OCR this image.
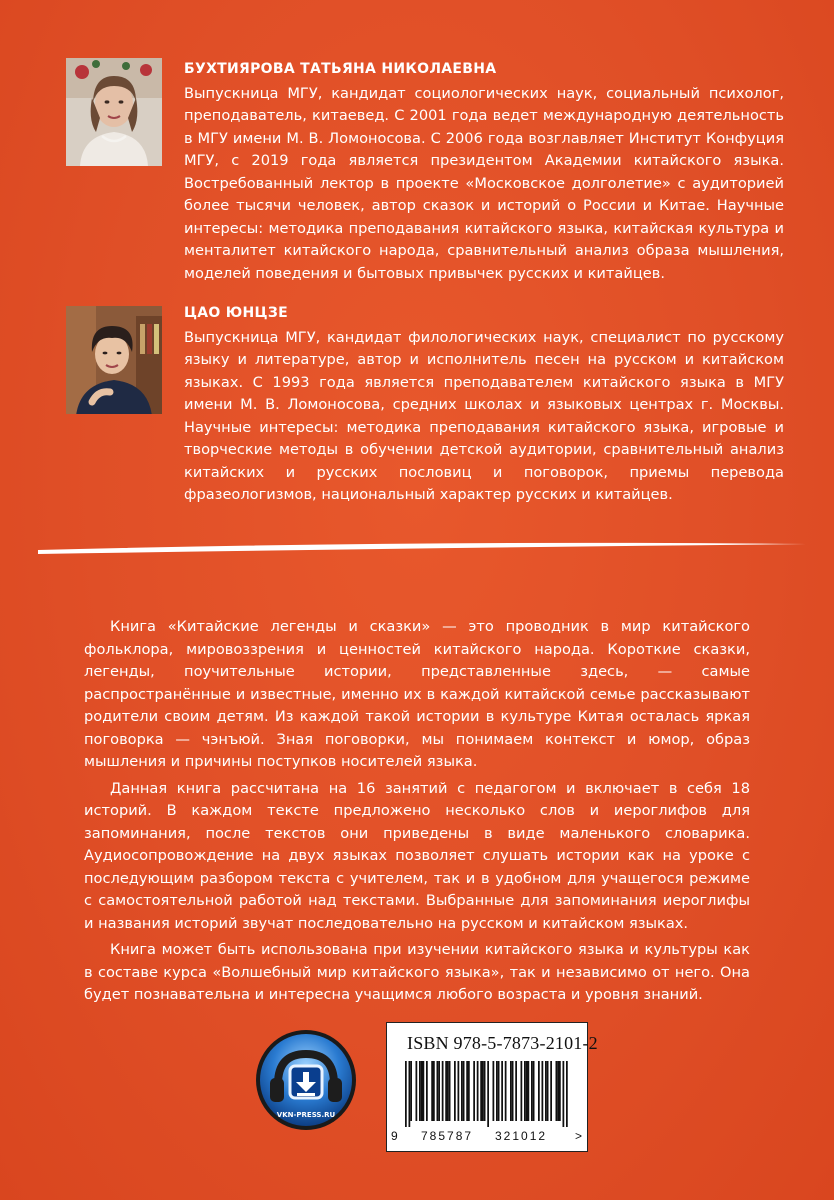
БУХТИЯРОВА ТАТЬЯНА НИКОЛАЕВНА

Выпускница МГУ, кандидат социологических наук, социальный психолог, преподаватель, китаевед. С 2001 года ведет международную деятельность в МГУ имени М. В. Ломоносова. С 2006 года возглавляет Институт Конфуция МГУ, с 2019 года является президентом Академии китайского языка. Востребованный лектор в проекте «Московское долголетие» с аудиторией более тысячи человек, автор сказок и историй о России и Китае. Научные интересы: методика преподавания китайского языка, китайская культура и менталитет китайского народа, сравнительный анализ образа мышления, моделей поведения и бытовых привычек русских и китайцев.

ЦАО ЮНЦЗЕ

Выпускница МГУ, кандидат филологических наук, специалист по русскому языку и литературе, автор и исполнитель песен на русском и китайском языках. С 1993 года является преподавателем китайского языка в МГУ имени М. В. Ломоносова, средних школах и языковых центрах г. Москвы. Научные интересы: методика преподавания китайского языка, игровые и творческие методы в обучении детской аудитории, сравнительный анализ китайских и русских пословиц и поговорок, приемы перевода фразеологизмов, национальный характер русских и китайцев.

Книга «Китайские легенды и сказки» — это проводник в мир китайского фольклора, мировоззрения и ценностей китайского народа. Короткие сказки, легенды, поучительные истории, представленные здесь, — самые распространённые и известные, именно их в каждой китайской семье рассказывают родители своим детям. Из каждой такой истории в культуре Китая осталась яркая поговорка — чэнъюй. Зная поговорки, мы понимаем контекст и юмор, образ мышления и причины поступков носителей языка.

Данная книга рассчитана на 16 занятий с педагогом и включает в себя 18 историй. В каждом тексте предложено несколько слов и иероглифов для запоминания, после текстов они приведены в виде маленького словарика. Аудиосопровождение на двух языках позволяет слушать истории как на уроке с последующим разбором текста с учителем, так и в удобном для учащегося режиме с самостоятельной работой над текстами. Выбранные для запоминания иероглифы и названия историй звучат последовательно на русском и китайском языках.

Книга может быть использована при изучении китайского языка и культуры как в составе курса «Волшебный мир китайского языка», так и независимо от него. Она будет познавательна и интересна учащимся любого возраста и уровня знаний.

VKN-PRESS.RU
ISBN 978-5-7873-2101-2
9 785787 321012 >
